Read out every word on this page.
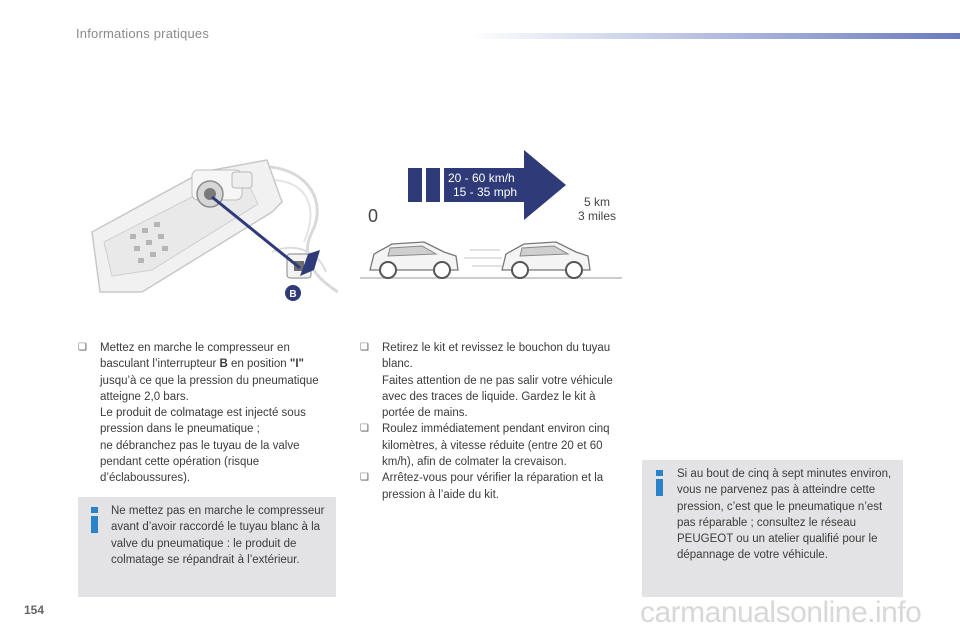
Informations pratiques
B
20 - 60 km/h
15 - 35 mph
0
5 km
3 miles
❏ Mettez en marche le compresseur en basculant l’interrupteur B en position "I" jusqu’à ce que la pression du pneumatique atteigne 2,0 bars.

Le produit de colmatage est injecté sous pression dans le pneumatique ;

ne débranchez pas le tuyau de la valve pendant cette opération (risque d’éclaboussures).

Ne mettez pas en marche le compresseur avant d’avoir raccordé le tuyau blanc à la valve du pneumatique : le produit de colmatage se répandrait à l’extérieur.
❏ Retirez le kit et revissez le bouchon du tuyau blanc.

Faites attention de ne pas salir votre véhicule avec des traces de liquide. Gardez le kit à portée de mains.

❏ Roulez immédiatement pendant environ cinq kilomètres, à vitesse réduite (entre 20 et 60 km/h), afin de colmater la crevaison.

❏ Arrêtez-vous pour vérifier la réparation et la pression à l’aide du kit.

Si au bout de cinq à sept minutes environ, vous ne parvenez pas à atteindre cette pression, c’est que le pneumatique n’est pas réparable ; consultez le réseau PEUGEOT ou un atelier qualifié pour le dépannage de votre véhicule.
154	carmanualsonline.info
